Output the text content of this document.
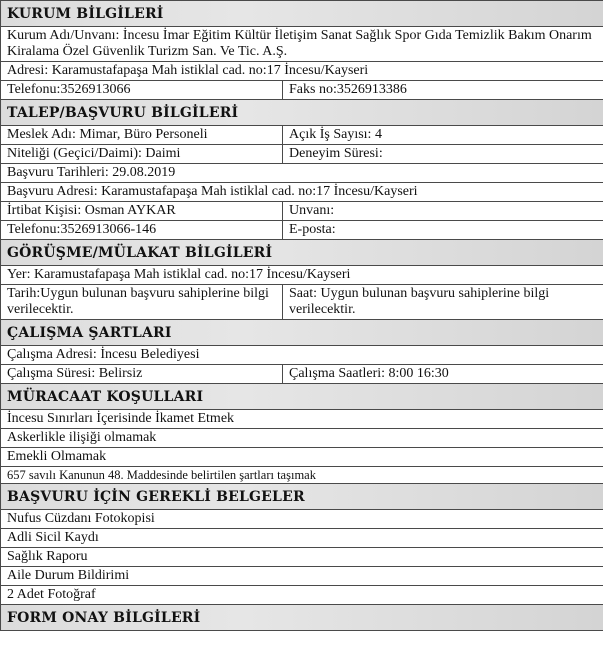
KURUM BİLGİLERİ	
Kurum Adı/Unvanı: İncesu İmar Eğitim Kültür İletişim Sanat Sağlık Spor Gıda Temizlik Bakım Onarım Kiralama Özel Güvenlik Turizm San. Ve Tic. A.Ş.	
Adresi: Karamustafapaşa Mah istiklal cad. no:17 İncesu/Kayseri	
Telefonu:3526913066	Faks no:3526913386
TALEP/BAŞVURU BİLGİLERİ	
Meslek Adı: Mimar, Büro Personeli	Açık İş Sayısı: 4
Niteliği (Geçici/Daimi): Daimi	Deneyim Süresi:
Başvuru Tarihleri: 29.08.2019	
Başvuru Adresi: Karamustafapaşa Mah istiklal cad. no:17 İncesu/Kayseri	
İrtibat Kişisi: Osman AYKAR	Unvanı:
Telefonu:3526913066-146	E-posta:
GÖRÜŞME/MÜLAKAT BİLGİLERİ	
Yer: Karamustafapaşa Mah istiklal cad. no:17 İncesu/Kayseri	
Tarih:Uygun bulunan başvuru sahiplerine bilgi verilecektir.	Saat: Uygun bulunan başvuru sahiplerine bilgi verilecektir.
ÇALIŞMA ŞARTLARI	
Çalışma Adresi: İncesu Belediyesi	
Çalışma Süresi: Belirsiz	Çalışma Saatleri: 8:00 16:30
MÜRACAAT KOŞULLARI	
İncesu Sınırları İçerisinde İkamet Etmek	
Askerlikle ilişiği olmamak	
Emekli Olmamak	
657 savılı Kanunun 48. Maddesinde belirtilen şartları taşımak	
BAŞVURU İÇİN GEREKLİ BELGELER	
Nufus Cüzdanı Fotokopisi	
Adli Sicil Kaydı	
Sağlık Raporu	
Aile Durum Bildirimi	
2 Adet Fotoğraf	
FORM ONAY BİLGİLERİ	
